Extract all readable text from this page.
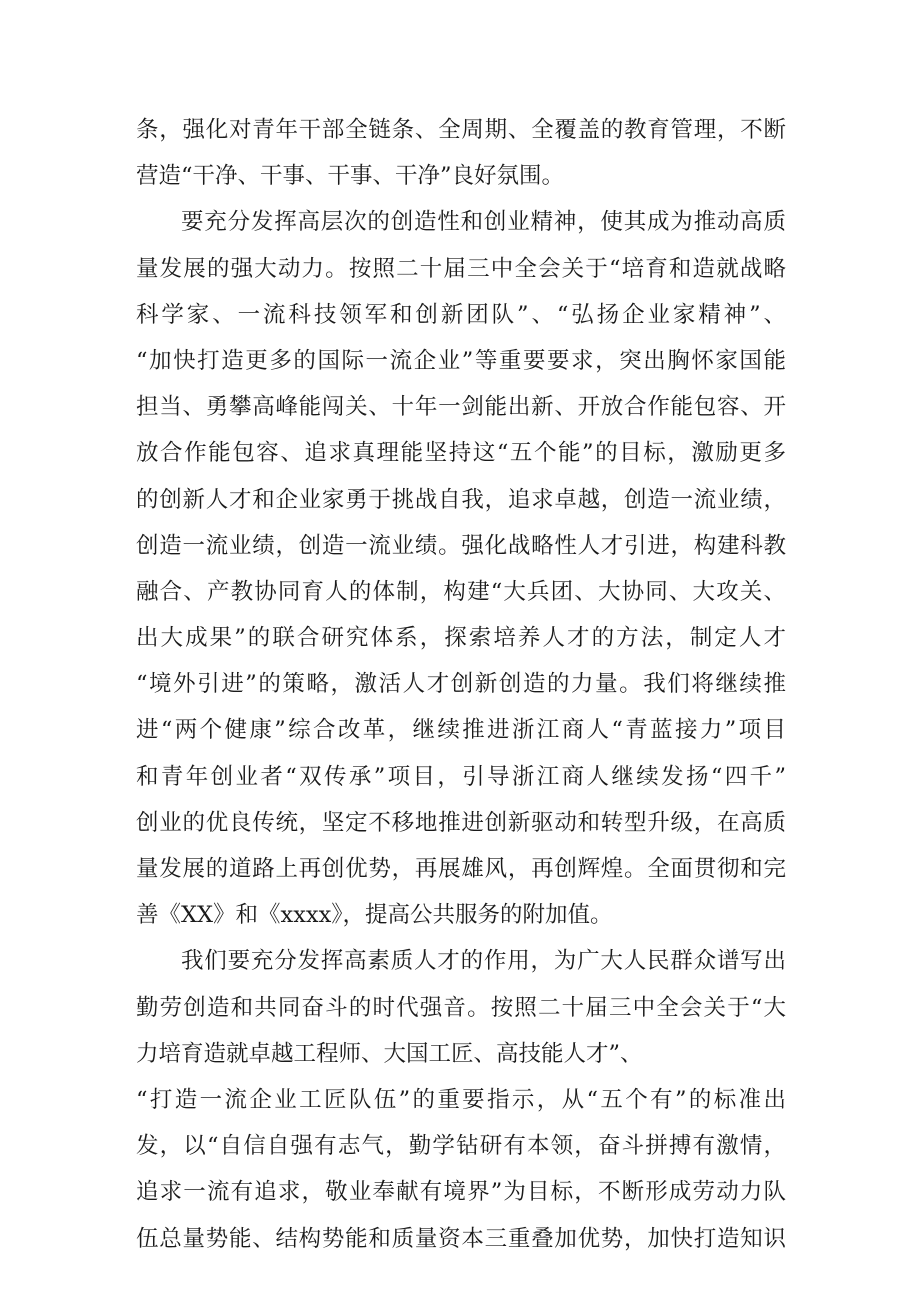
条，强化对青年干部全链条、全周期、全覆盖的教育管理，不断
营造“干净、干事、干事、干净”良好氛围。
要充分发挥高层次的创造性和创业精神，使其成为推动高质
量发展的强大动力。按照二十届三中全会关于“培育和造就战略
科学家、一流科技领军和创新团队”、“弘扬企业家精神”、
“加快打造更多的国际一流企业”等重要要求，突出胸怀家国能
担当、勇攀高峰能闯关、十年一剑能出新、开放合作能包容、开
放合作能包容、追求真理能坚持这“五个能”的目标，激励更多
的创新人才和企业家勇于挑战自我，追求卓越，创造一流业绩，
创造一流业绩，创造一流业绩。强化战略性人才引进，构建科教
融合、产教协同育人的体制，构建“大兵团、大协同、大攻关、
出大成果”的联合研究体系，探索培养人才的方法，制定人才
“境外引进”的策略，激活人才创新创造的力量。我们将继续推
进“两个健康”综合改革，继续推进浙江商人“青蓝接力”项目
和青年创业者“双传承”项目，引导浙江商人继续发扬“四千”
创业的优良传统，坚定不移地推进创新驱动和转型升级，在高质
量发展的道路上再创优势，再展雄风，再创辉煌。全面贯彻和完
善《XX》和《xxxx》，提高公共服务的附加值。
我们要充分发挥高素质人才的作用，为广大人民群众谱写出
勤劳创造和共同奋斗的时代强音。按照二十届三中全会关于“大
力培育造就卓越工程师、大国工匠、高技能人才”、
“打造一流企业工匠队伍”的重要指示，从“五个有”的标准出
发，以“自信自强有志气，勤学钻研有本领，奋斗拼搏有激情，
追求一流有追求，敬业奉献有境界”为目标，不断形成劳动力队
伍总量势能、结构势能和质量资本三重叠加优势，加快打造知识
